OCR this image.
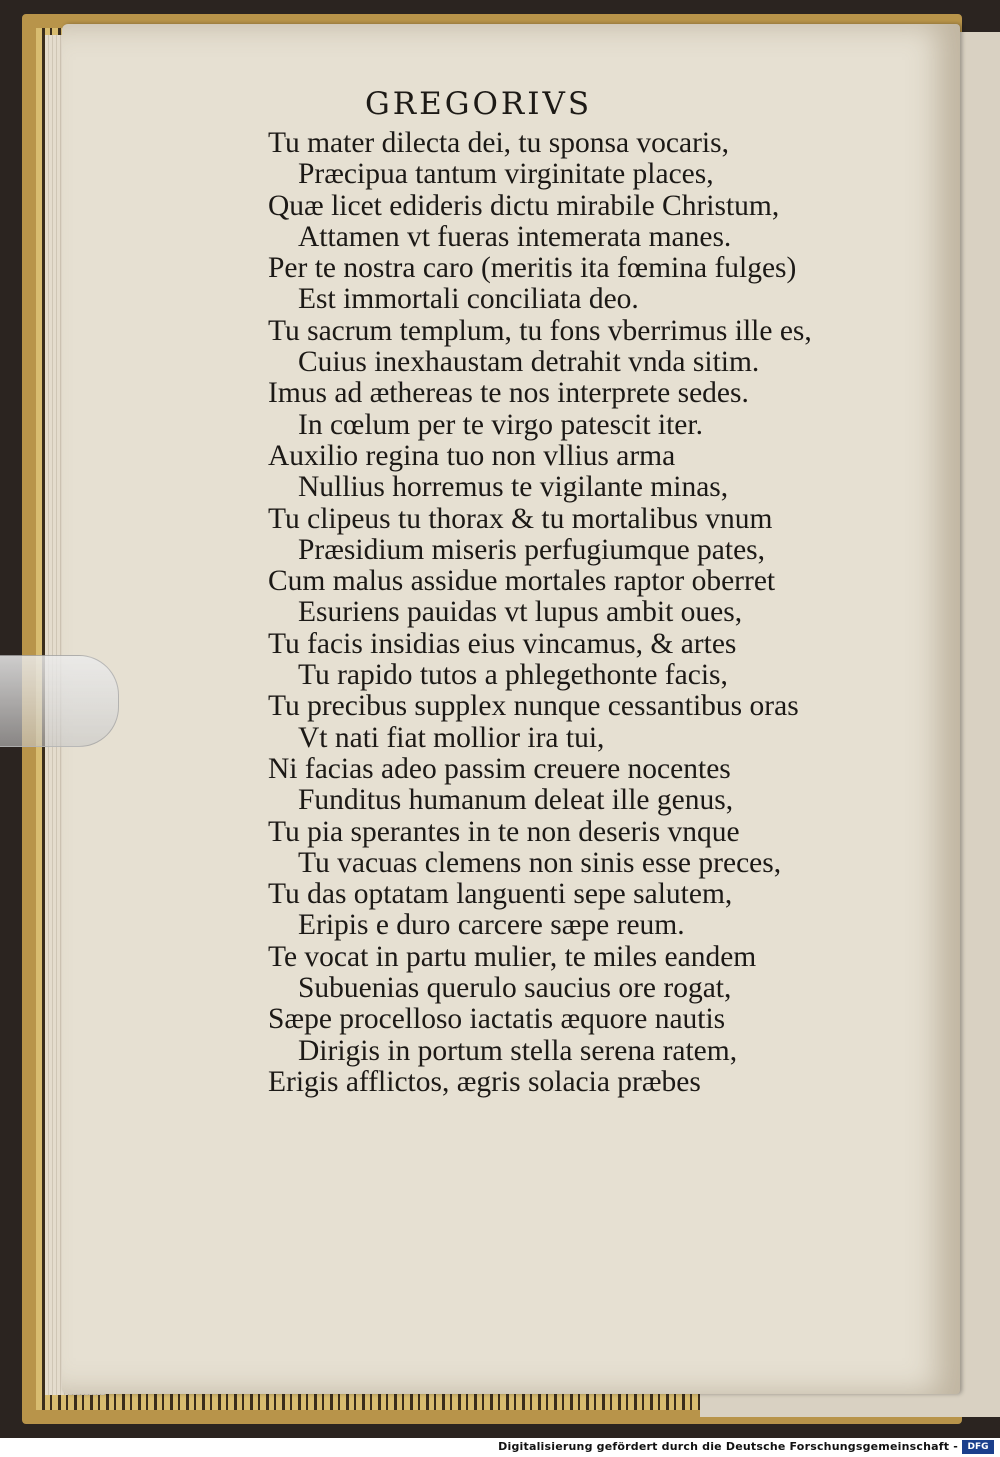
GREGORIVS
Tu mater dilecta dei, tu sponsa vocaris,
Præcipua tantum virginitate places,
Quæ licet edideris dictu mirabile Christum,
Attamen vt fueras intemerata manes.
Per te nostra caro (meritis ita fœmina fulges)
Est immortali conciliata deo.
Tu sacrum templum, tu fons vberrimus ille es,
Cuius inexhaustam detrahit vnda sitim.
Imus ad æthereas te nos interprete sedes.
In cœlum per te virgo patescit iter.
Auxilio regina tuo non vllius arma
Nullius horremus te vigilante minas,
Tu clipeus tu thorax & tu mortalibus vnum
Præsidium miseris perfugiumque pates,
Cum malus assidue mortales raptor oberret
Esuriens pauidas vt lupus ambit oues,
Tu facis insidias eius vincamus, & artes
Tu rapido tutos a phlegethonte facis,
Tu precibus supplex nunque cessantibus oras
Vt nati fiat mollior ira tui,
Ni facias adeo passim creuere nocentes
Funditus humanum deleat ille genus,
Tu pia sperantes in te non deseris vnque
Tu vacuas clemens non sinis esse preces,
Tu das optatam languenti sepe salutem,
Eripis e duro carcere sæpe reum.
Te vocat in partu mulier, te miles eandem
Subuenias querulo saucius ore rogat,
Sæpe procelloso iactatis æquore nautis
Dirigis in portum stella serena ratem,
Erigis afflictos, ægris solacia præbes
Digitalisierung gefördert durch die Deutsche Forschungsgemeinschaft -	DFG
